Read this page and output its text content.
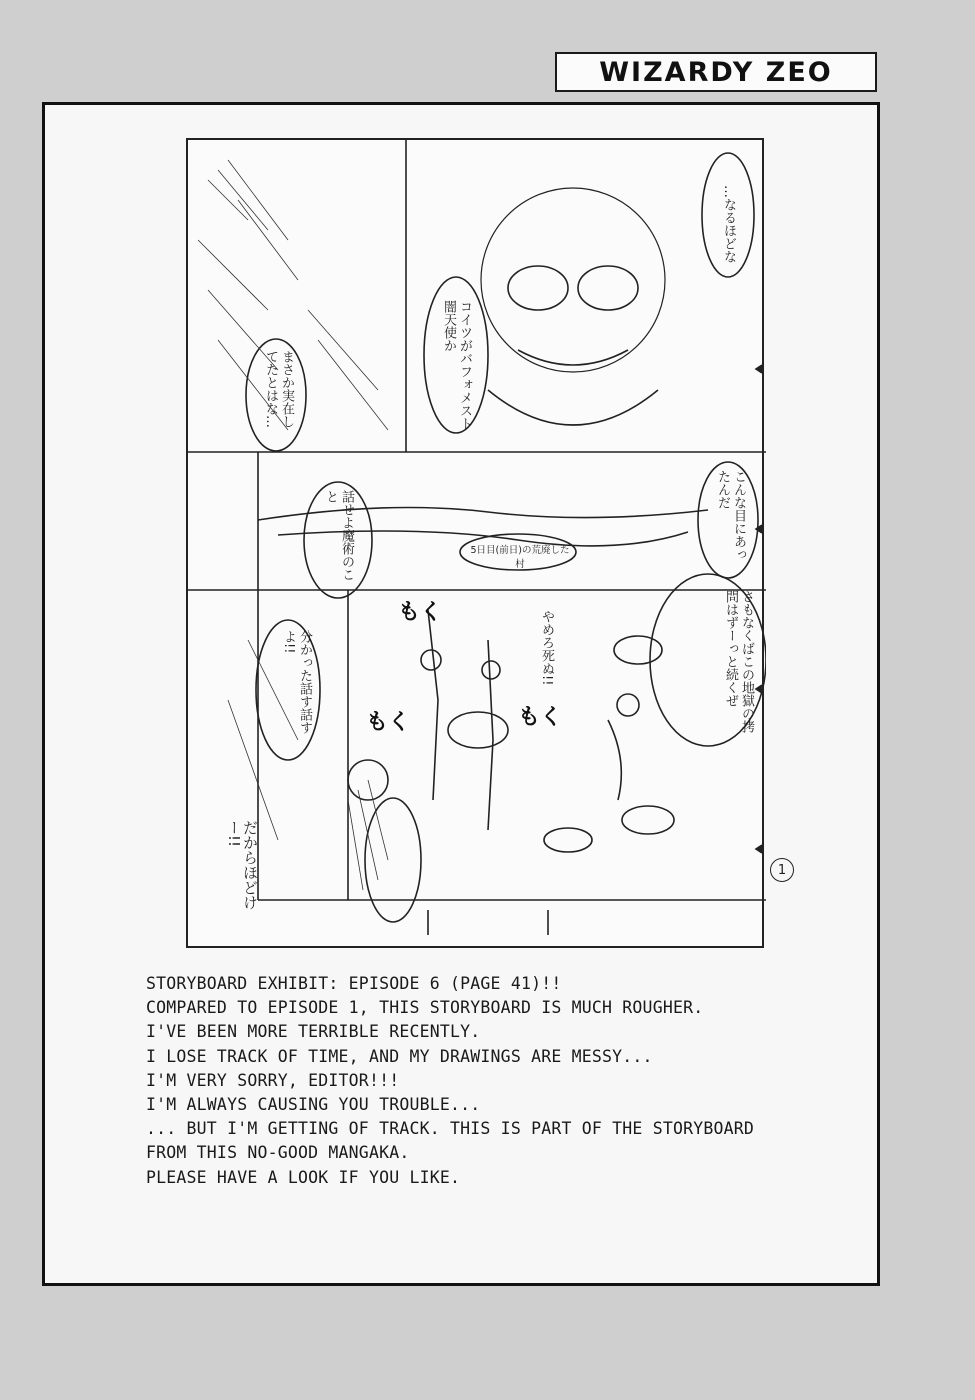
WIZARDY ZEO
もく
もく	もく
…なるほどな
コイツがバフォメスト闇天使か
まさか実在してたとはな…
こんな目にあったんだ
話せよ魔術のこと
5日目(前日)の荒廃した村
さもなくばこの地獄の拷問はずーっと続くぜ
分かった話す話すよ!!	やめろ死ぬ!!
だからほどけー!!
1
STORYBOARD EXHIBIT: EPISODE 6 (PAGE 41)!!
COMPARED TO EPISODE 1, THIS STORYBOARD IS MUCH ROUGHER.
I'VE BEEN MORE TERRIBLE RECENTLY.
I LOSE TRACK OF TIME, AND MY DRAWINGS ARE MESSY...
I'M VERY SORRY, EDITOR!!!
I'M ALWAYS CAUSING YOU TROUBLE...
... BUT I'M GETTING OF TRACK. THIS IS PART OF THE STORYBOARD
FROM THIS NO-GOOD MANGAKA.
PLEASE HAVE A LOOK IF YOU LIKE.
